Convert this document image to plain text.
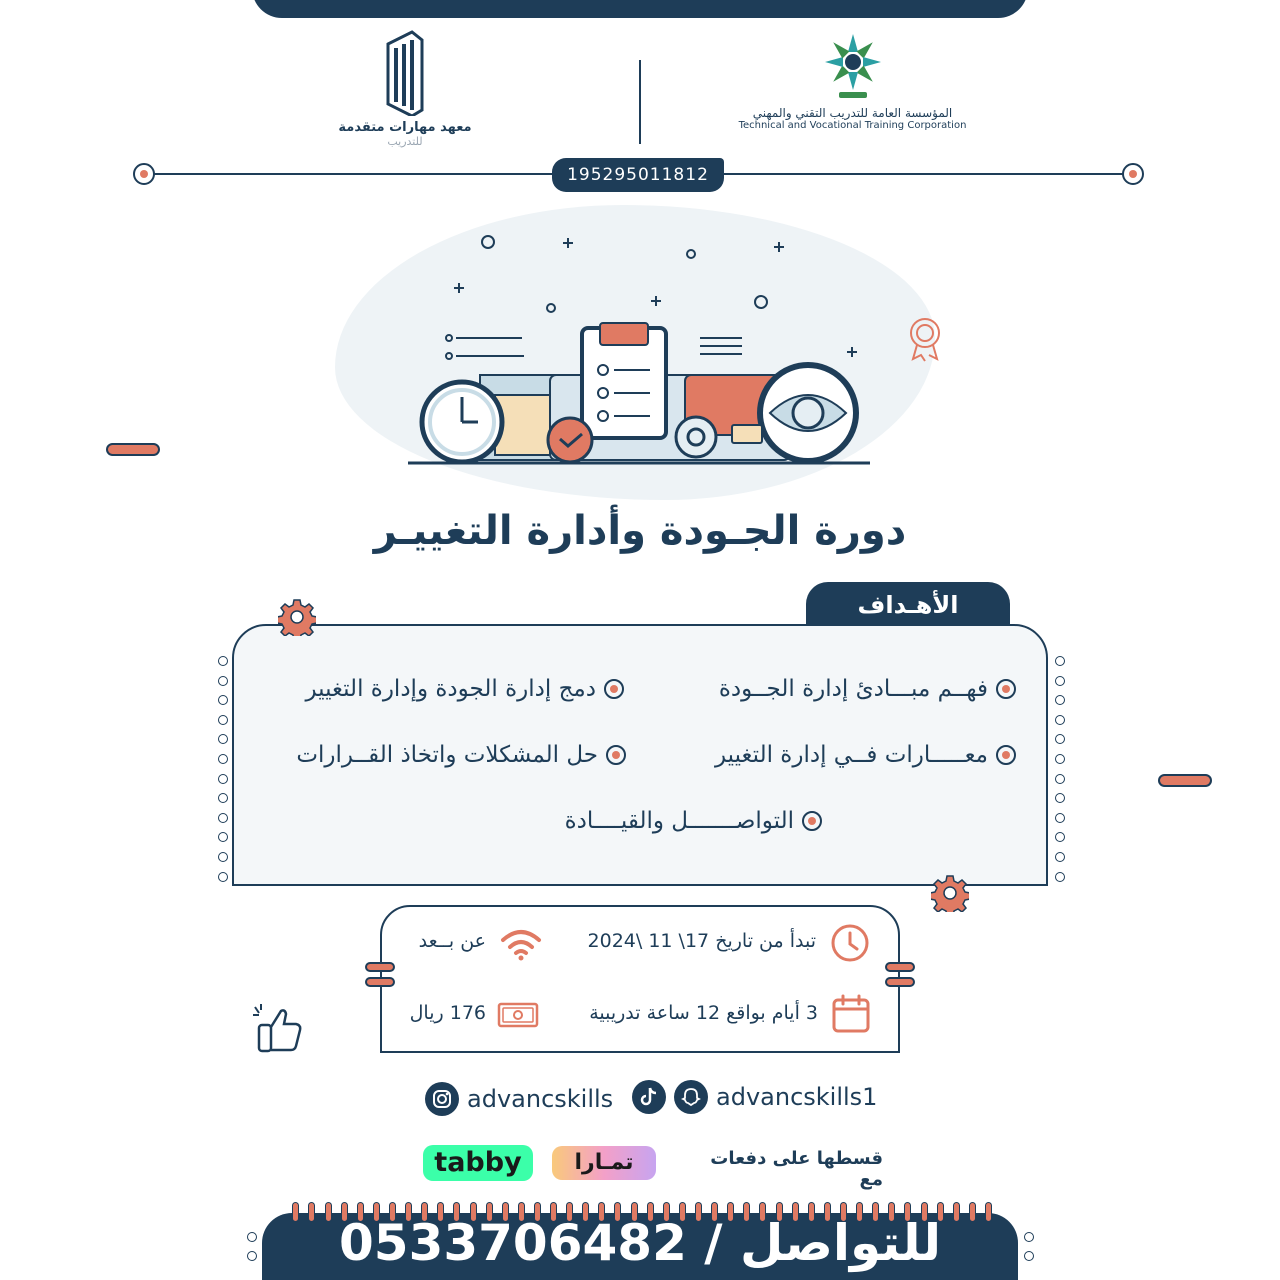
معهد مهارات متقدمة
للتدريب
المؤسسة العامة للتدريب التقني والمهني
Technical and Vocational Training Corporation
195295011812
دورة الجـودة وأدارة التغييـر
الأهـداف
فهــم مبـــادئ إدارة الجــودة
دمج إدارة الجودة وإدارة التغيير
معـــــارات فــي إدارة التغيير
حل المشكلات واتخاذ القــرارات
التواصـــــــل والقيــــادة
تبدأ من تاريخ 17\ 11 \2024
عن بــعد
3 أيام بواقع 12 ساعة تدريبية
176 ريال
advancskills	advancskills1
قسطها على دفعات مع
تمـارا
tabby
للتواصل / 0533706482
